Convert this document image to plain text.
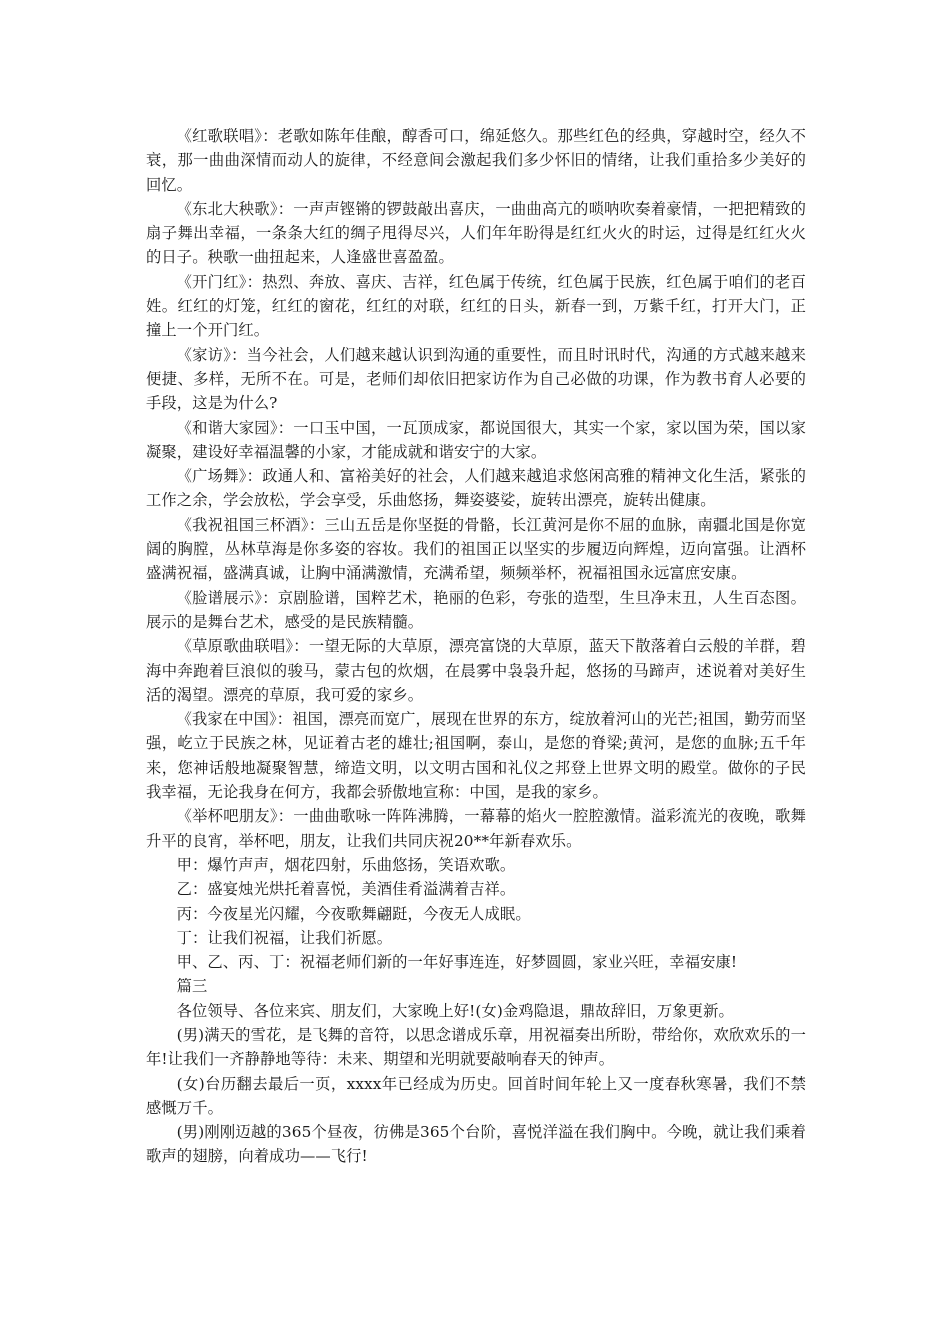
《红歌联唱》：老歌如陈年佳酿，醇香可口，绵延悠久。那些红色的经典，穿越时空，经久不衰，那一曲曲深情而动人的旋律，不经意间会激起我们多少怀旧的情绪，让我们重拾多少美好的回忆。

《东北大秧歌》：一声声铿锵的锣鼓敲出喜庆，一曲曲高亢的唢呐吹奏着豪情，一把把精致的扇子舞出幸福，一条条大红的绸子甩得尽兴，人们年年盼得是红红火火的时运，过得是红红火火的日子。秧歌一曲扭起来，人逢盛世喜盈盈。

《开门红》：热烈、奔放、喜庆、吉祥，红色属于传统，红色属于民族，红色属于咱们的老百姓。红红的灯笼，红红的窗花，红红的对联，红红的日头，新春一到，万紫千红，打开大门，正撞上一个开门红。

《家访》：当今社会，人们越来越认识到沟通的重要性，而且时讯时代，沟通的方式越来越来便捷、多样，无所不在。可是，老师们却依旧把家访作为自己必做的功课，作为教书育人必要的手段，这是为什么?

《和谐大家园》：一口玉中国，一瓦顶成家，都说国很大，其实一个家，家以国为荣，国以家凝聚，建设好幸福温馨的小家，才能成就和谐安宁的大家。

《广场舞》：政通人和、富裕美好的社会，人们越来越追求悠闲高雅的精神文化生活，紧张的工作之余，学会放松，学会享受，乐曲悠扬，舞姿婆娑，旋转出漂亮，旋转出健康。

《我祝祖国三杯酒》：三山五岳是你坚挺的骨骼，长江黄河是你不屈的血脉，南疆北国是你宽阔的胸膛，丛林草海是你多姿的容妆。我们的祖国正以坚实的步履迈向辉煌，迈向富强。让酒杯盛满祝福，盛满真诚，让胸中涌满激情，充满希望，频频举杯，祝福祖国永远富庶安康。

《脸谱展示》：京剧脸谱，国粹艺术，艳丽的色彩，夸张的造型，生旦净末丑，人生百态图。展示的是舞台艺术，感受的是民族精髓。

《草原歌曲联唱》：一望无际的大草原，漂亮富饶的大草原，蓝天下散落着白云般的羊群，碧海中奔跑着巨浪似的骏马，蒙古包的炊烟，在晨雾中袅袅升起，悠扬的马蹄声，述说着对美好生活的渴望。漂亮的草原，我可爱的家乡。

《我家在中国》：祖国，漂亮而宽广，展现在世界的东方，绽放着河山的光芒;祖国，勤劳而坚强，屹立于民族之林，见证着古老的雄壮;祖国啊，泰山，是您的脊梁;黄河，是您的血脉;五千年来，您神话般地凝聚智慧，缔造文明，以文明古国和礼仪之邦登上世界文明的殿堂。做你的子民我幸福，无论我身在何方，我都会骄傲地宣称：中国，是我的家乡。

《举杯吧朋友》：一曲曲歌咏一阵阵沸腾，一幕幕的焰火一腔腔激情。溢彩流光的夜晚，歌舞升平的良宵，举杯吧，朋友，让我们共同庆祝20**年新春欢乐。

甲：爆竹声声，烟花四射，乐曲悠扬，笑语欢歌。

乙：盛宴烛光烘托着喜悦，美酒佳肴溢满着吉祥。

丙：今夜星光闪耀，今夜歌舞翩跹，今夜无人成眠。

丁：让我们祝福，让我们祈愿。

甲、乙、丙、丁：祝福老师们新的一年好事连连，好梦圆圆，家业兴旺，幸福安康!

篇三

各位领导、各位来宾、朋友们，大家晚上好!(女)金鸡隐退，鼎故辞旧，万象更新。

(男)满天的雪花，是飞舞的音符，以思念谱成乐章，用祝福奏出所盼，带给你，欢欣欢乐的一年!让我们一齐静静地等待：未来、期望和光明就要敲响春天的钟声。

(女)台历翻去最后一页，xxxx年已经成为历史。回首时间年轮上又一度春秋寒暑，我们不禁感慨万千。

(男)刚刚迈越的365个昼夜，彷佛是365个台阶，喜悦洋溢在我们胸中。今晚，就让我们乘着歌声的翅膀，向着成功——飞行!
